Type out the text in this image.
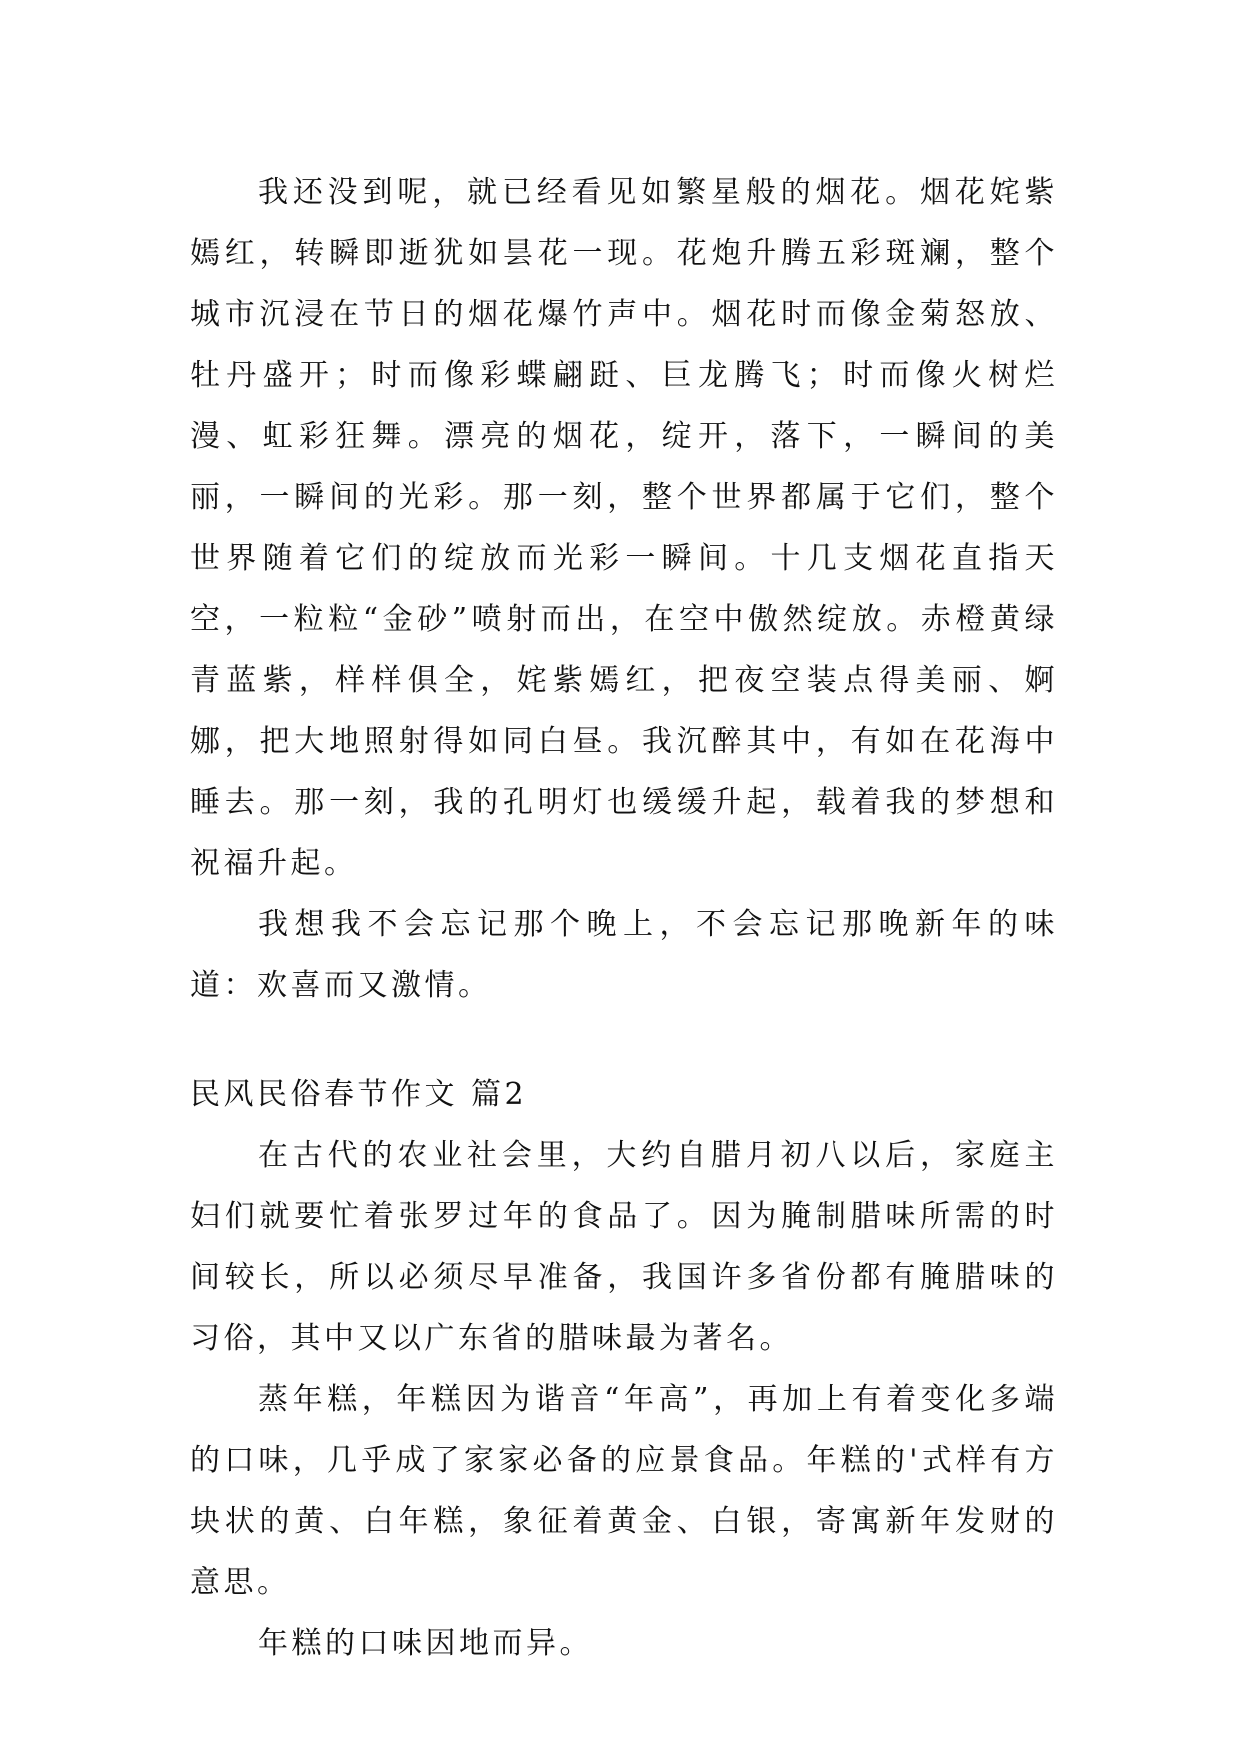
我还没到呢，就已经看见如繁星般的烟花。烟花姹紫嫣红，转瞬即逝犹如昙花一现。花炮升腾五彩斑斓，整个城市沉浸在节日的烟花爆竹声中。烟花时而像金菊怒放、牡丹盛开；时而像彩蝶翩跹、巨龙腾飞；时而像火树烂漫、虹彩狂舞。漂亮的烟花，绽开，落下，一瞬间的美丽，一瞬间的光彩。那一刻，整个世界都属于它们，整个世界随着它们的绽放而光彩一瞬间。十几支烟花直指天空，一粒粒“金砂”喷射而出，在空中傲然绽放。赤橙黄绿青蓝紫，样样俱全，姹紫嫣红，把夜空装点得美丽、婀娜，把大地照射得如同白昼。我沉醉其中，有如在花海中睡去。那一刻，我的孔明灯也缓缓升起，载着我的梦想和祝福升起。

我想我不会忘记那个晚上，不会忘记那晚新年的味道：欢喜而又激情。

民风民俗春节作文 篇2

在古代的农业社会里，大约自腊月初八以后，家庭主妇们就要忙着张罗过年的食品了。因为腌制腊味所需的时间较长，所以必须尽早准备，我国许多省份都有腌腊味的习俗，其中又以广东省的腊味最为著名。

蒸年糕，年糕因为谐音“年高”，再加上有着变化多端的口味，几乎成了家家必备的应景食品。年糕的'式样有方块状的黄、白年糕，象征着黄金、白银，寄寓新年发财的意思。

年糕的口味因地而异。
